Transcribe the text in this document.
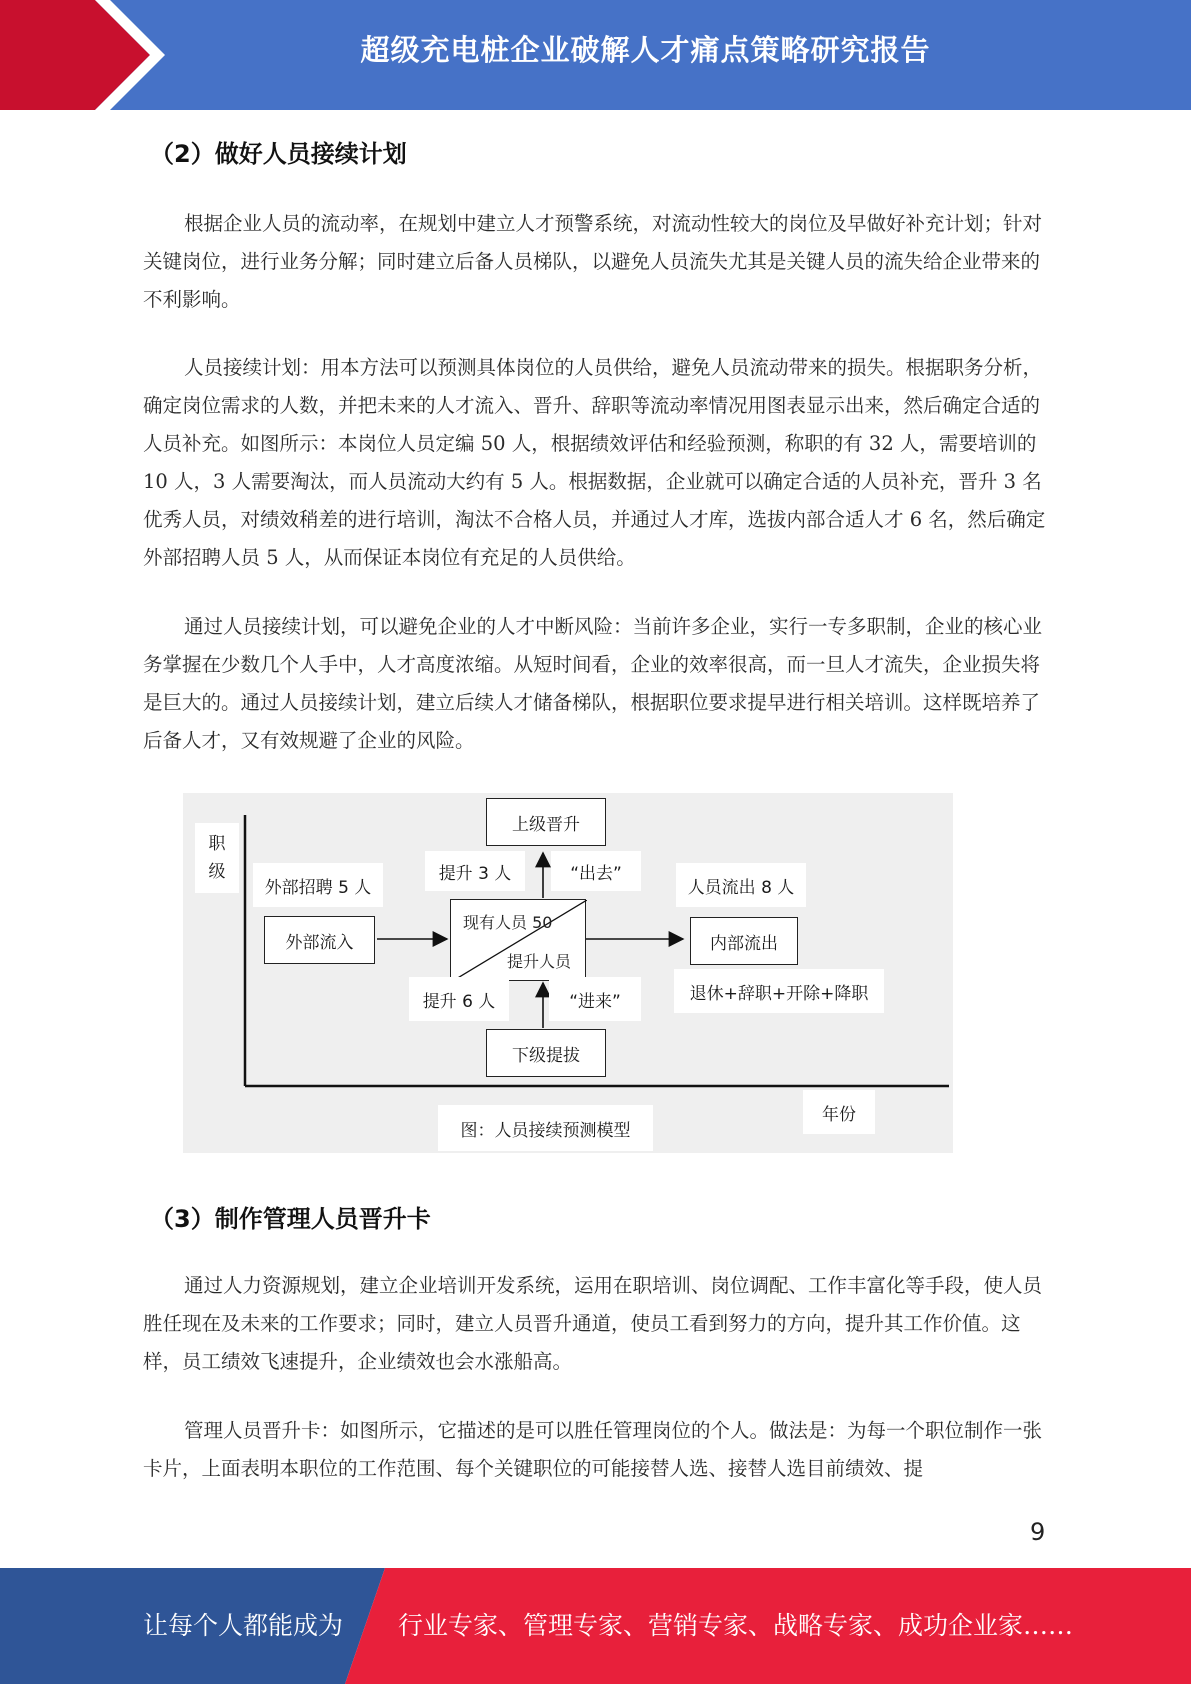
超级充电桩企业破解人才痛点策略研究报告
（2）做好人员接续计划

根据企业人员的流动率，在规划中建立人才预警系统，对流动性较大的岗位及早做好补充计划；针对关键岗位，进行业务分解；同时建立后备人员梯队，以避免人员流失尤其是关键人员的流失给企业带来的不利影响。

人员接续计划：用本方法可以预测具体岗位的人员供给，避免人员流动带来的损失。根据职务分析，确定岗位需求的人数，并把未来的人才流入、晋升、辞职等流动率情况用图表显示出来，然后确定合适的人员补充。如图所示：本岗位人员定编 50 人，根据绩效评估和经验预测，称职的有 32 人，需要培训的 10 人，3 人需要淘汰，而人员流动大约有 5 人。根据数据，企业就可以确定合适的人员补充，晋升 3 名优秀人员，对绩效稍差的进行培训，淘汰不合格人员，并通过人才库，选拔内部合适人才 6 名，然后确定外部招聘人员 5 人，从而保证本岗位有充足的人员供给。

通过人员接续计划，可以避免企业的人才中断风险：当前许多企业，实行一专多职制，企业的核心业务掌握在少数几个人手中，人才高度浓缩。从短时间看，企业的效率很高，而一旦人才流失，企业损失将是巨大的。通过人员接续计划，建立后续人才储备梯队，根据职位要求提早进行相关培训。这样既培养了后备人才，又有效规避了企业的风险。

职
级
上级晋升
提升 3 人	“出去”
外部招聘 5 人	人员流出 8 人
外部流入
现有人员 50
提升人员
内部流出
退休+辞职+开除+降职
提升 6 人	“进来”
下级提拔
年份
图：人员接续预测模型
（3）制作管理人员晋升卡

通过人力资源规划，建立企业培训开发系统，运用在职培训、岗位调配、工作丰富化等手段，使人员胜任现在及未来的工作要求；同时，建立人员晋升通道，使员工看到努力的方向，提升其工作价值。这样，员工绩效飞速提升，企业绩效也会水涨船高。

管理人员晋升卡：如图所示，它描述的是可以胜任管理岗位的个人。做法是：为每一个职位制作一张卡片，上面表明本职位的工作范围、每个关键职位的可能接替人选、接替人选目前绩效、提

9
让每个人都能成为 行业专家、管理专家、营销专家、战略专家、成功企业家……
